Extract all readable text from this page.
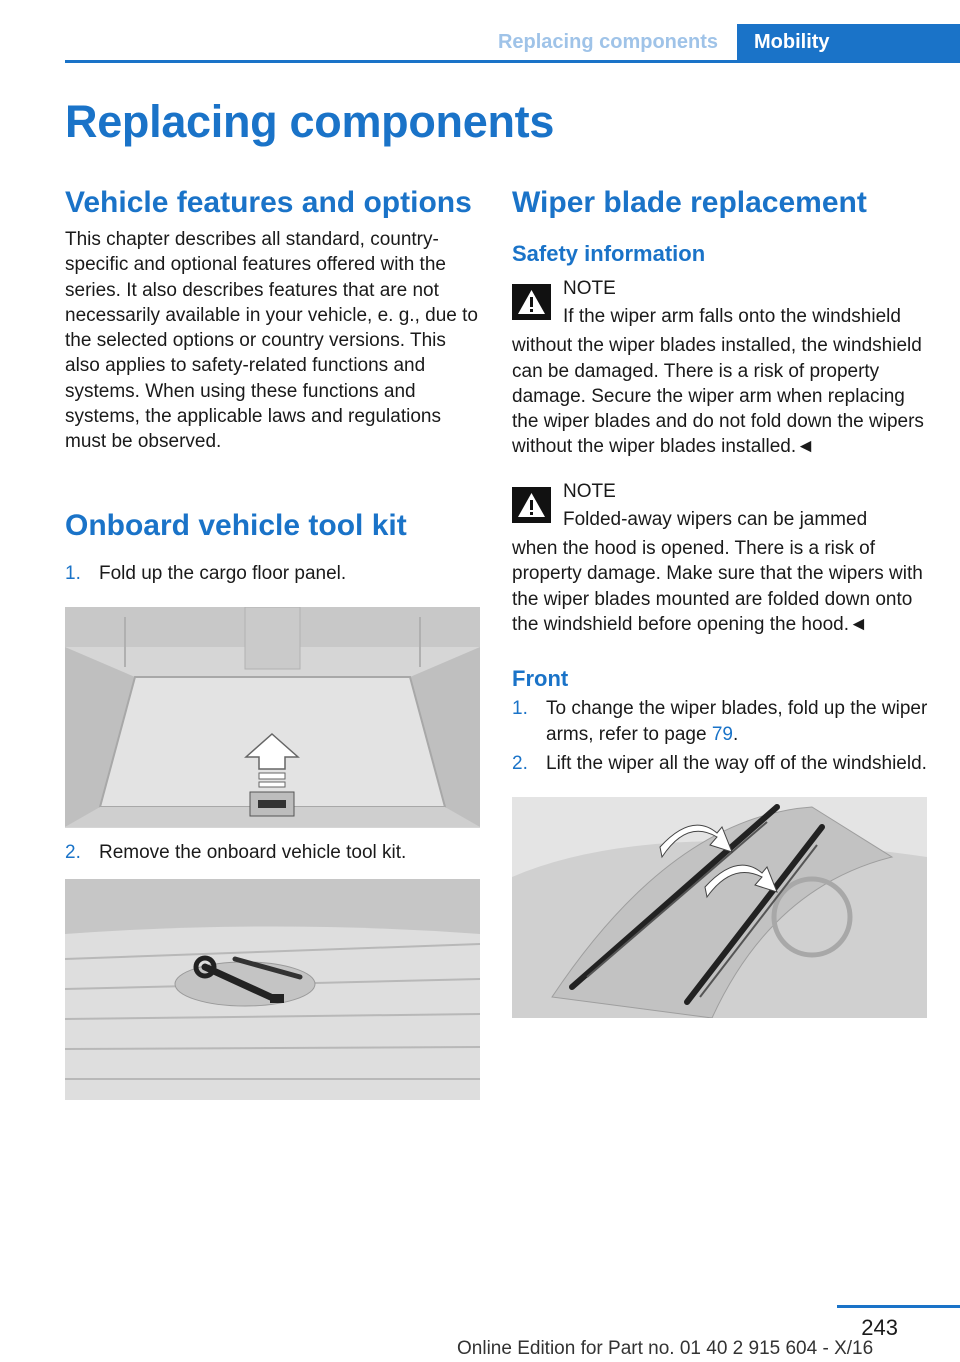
Replacing components	Mobility
Replacing components
Vehicle features and options

This chapter describes all standard, country-specific and optional features offered with the series. It also describes features that are not necessarily available in your vehicle, e. g., due to the selected options or country versions. This also applies to safety-related functions and systems. When using these functions and systems, the applicable laws and regulations must be observed.

Onboard vehicle tool kit
1. Fold up the cargo floor panel.
2. Remove the onboard vehicle tool kit.
Wiper blade replacement
Safety information
NOTE
If the wiper arm falls onto the windshield
without the wiper blades installed, the windshield can be damaged. There is a risk of property damage. Secure the wiper arm when replacing the wiper blades and do not fold down the wipers without the wiper blades installed.◄
NOTE
Folded-away wipers can be jammed
when the hood is opened. There is a risk of property damage. Make sure that the wipers with the wiper blades mounted are folded down onto the windshield before opening the hood.◄
Front
1. To change the wiper blades, fold up the wiper arms, refer to page 79.
2. Lift the wiper all the way off of the windshield.
243
Online Edition for Part no. 01 40 2 915 604 - X/16
